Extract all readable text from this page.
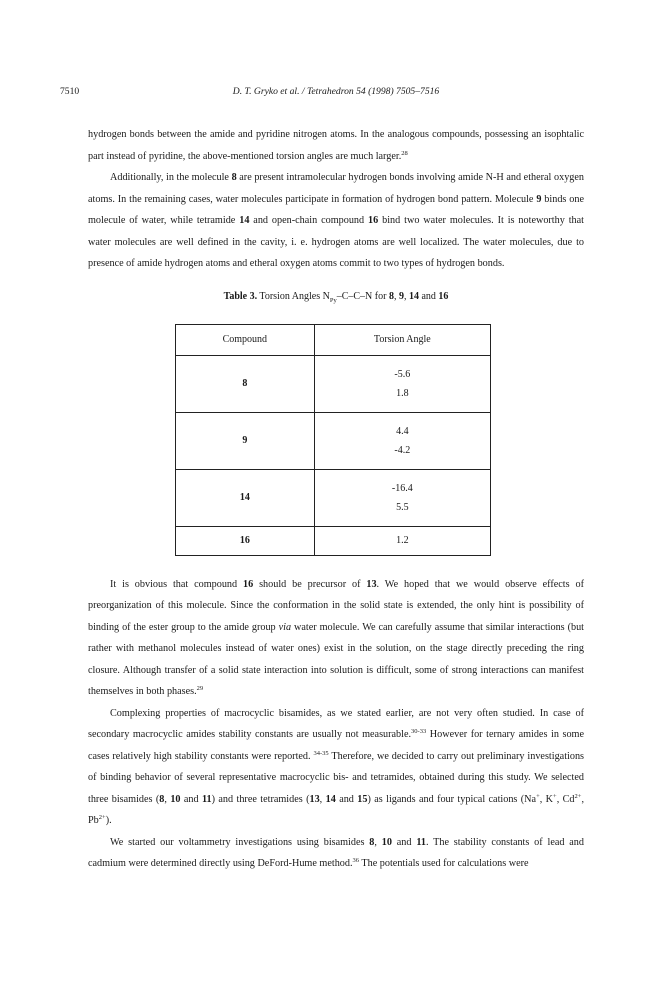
7510	D. T. Gryko et al. / Tetrahedron 54 (1998) 7505–7516

hydrogen bonds between the amide and pyridine nitrogen atoms. In the analogous compounds, possessing an isophtalic part instead of pyridine, the above-mentioned torsion angles are much larger.$^{28}$

Additionally, in the molecule 8 are present intramolecular hydrogen bonds involving amide N-H and etheral oxygen atoms. In the remaining cases, water molecules participate in formation of hydrogen bond pattern. Molecule 9 binds one molecule of water, while tetramide 14 and open-chain compound 16 bind two water molecules. It is noteworthy that water molecules are well defined in the cavity, i. e. hydrogen atoms are well localized. The water molecules, due to presence of amide hydrogen atoms and etheral oxygen atoms commit to two types of hydrogen bonds.

Table 3. Torsion Angles $N_{Py}-C-C-N$ for 8, 9, 14 and 16
Compound	Torsion Angle
8	-5.6
1.8

9	4.4
-4.2

14	-16.4
5.5

16	1.2

It is obvious that compound 16 should be precursor of 13. We hoped that we would observe effects of preorganization of this molecule. Since the conformation in the solid state is extended, the only hint is possibility of binding of the ester group to the amide group via water molecule. We can carefully assume that similar interactions (but rather with methanol molecules instead of water ones) exist in the solution, on the stage directly preceding the ring closure. Although transfer of a solid state interaction into solution is difficult, some of strong interactions can manifest themselves in both phases.$^{29}$

Complexing properties of macrocyclic bisamides, as we stated earlier, are not very often studied. In case of secondary macrocyclic amides stability constants are usually not measurable.$^{30-33}$ However for ternary amides in some cases relatively high stability constants were reported. $^{34-35}$ Therefore, we decided to carry out preliminary investigations of binding behavior of several representative macrocyclic bis- and tetramides, obtained during this study. We selected three bisamides (8, 10 and 11) and three tetramides (13, 14 and 15) as ligands and four typical cations (Na+, K+, $Cd^{2+}$, $Pb^{2+}$).

We started our voltammetry investigations using bisamides 8, 10 and 11. The stability constants of lead and cadmium were determined directly using DeFord-Hume method.$^{36}$ The potentials used for calculations were
